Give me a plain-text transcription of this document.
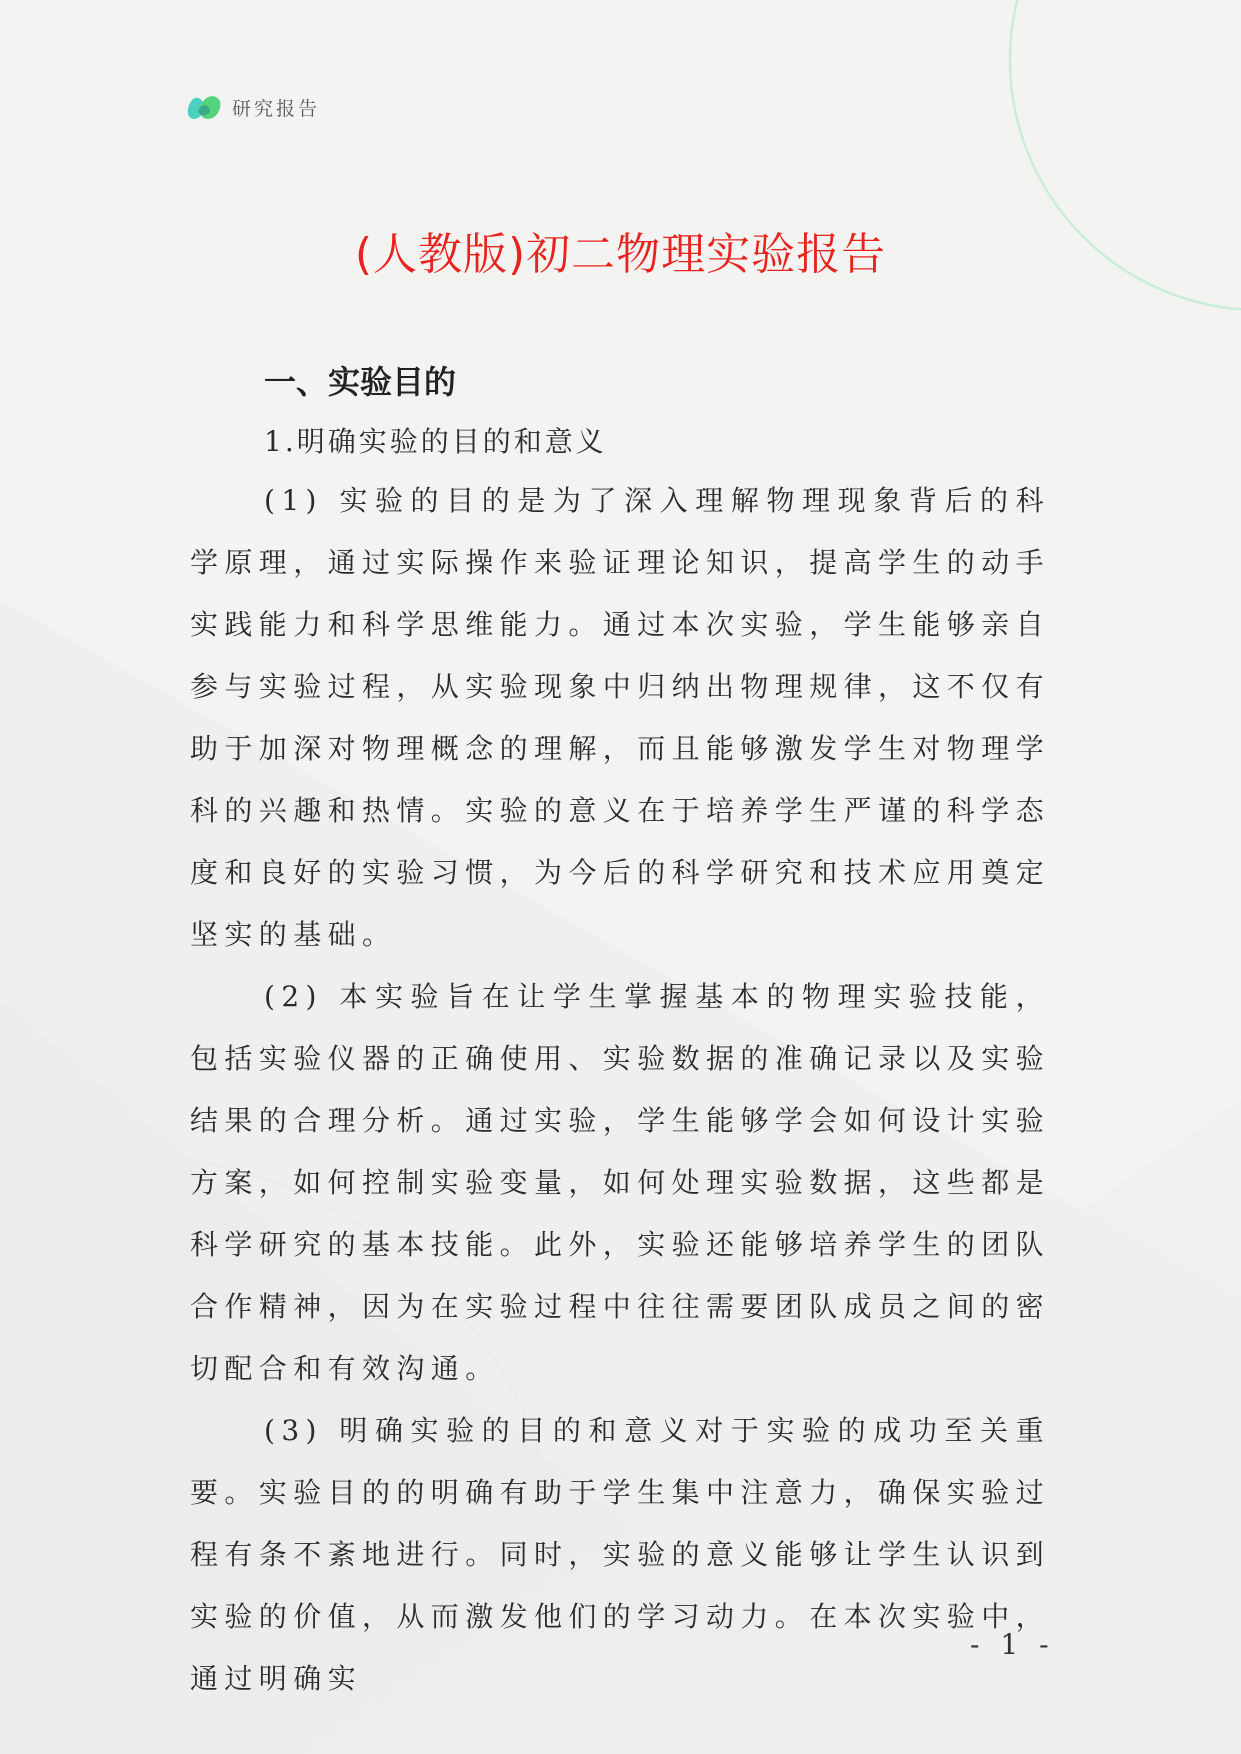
研究报告
(人教版)初二物理实验报告
一、实验目的
1.明确实验的目的和意义

(1) 实验的目的是为了深入理解物理现象背后的科学原理，通过实际操作来验证理论知识，提高学生的动手实践能力和科学思维能力。通过本次实验，学生能够亲自参与实验过程，从实验现象中归纳出物理规律，这不仅有助于加深对物理概念的理解，而且能够激发学生对物理学科的兴趣和热情。实验的意义在于培养学生严谨的科学态度和良好的实验习惯，为今后的科学研究和技术应用奠定坚实的基础。

(2) 本实验旨在让学生掌握基本的物理实验技能，包括实验仪器的正确使用、实验数据的准确记录以及实验结果的合理分析。通过实验，学生能够学会如何设计实验方案，如何控制实验变量，如何处理实验数据，这些都是科学研究的基本技能。此外，实验还能够培养学生的团队合作精神，因为在实验过程中往往需要团队成员之间的密切配合和有效沟通。

(3) 明确实验的目的和意义对于实验的成功至关重要。实验目的的明确有助于学生集中注意力，确保实验过程有条不紊地进行。同时，实验的意义能够让学生认识到实验的价值，从而激发他们的学习动力。在本次实验中，通过明确实

- 1 -
